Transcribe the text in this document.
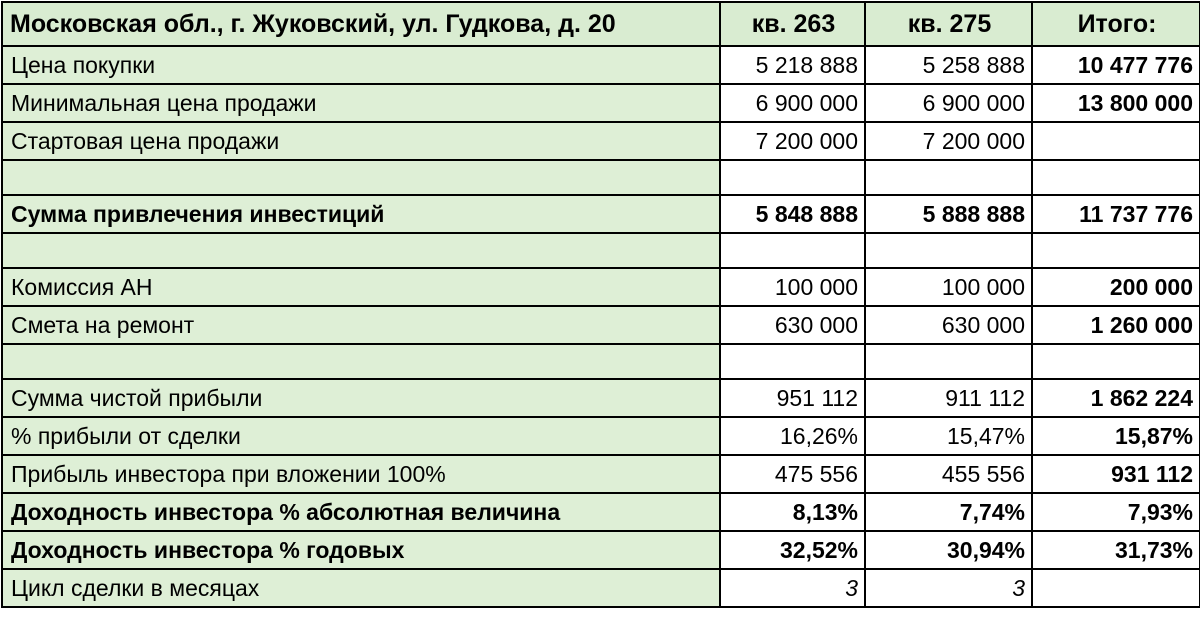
Московская обл., г. Жуковский, ул. Гудкова, д. 20	кв. 263	кв. 275	Итого:
Цена покупки	5 218 888	5 258 888	10 477 776
Минимальная цена продажи	6 900 000	6 900 000	13 800 000
Стартовая цена продажи	7 200 000	7 200 000	

Сумма привлечения инвестиций	5 848 888	5 888 888	11 737 776

Комиссия АН	100 000	100 000	200 000
Смета на ремонт	630 000	630 000	1 260 000

Сумма чистой прибыли	951 112	911 112	1 862 224
% прибыли от сделки	16,26%	15,47%	15,87%
Прибыль инвестора при вложении 100%	475 556	455 556	931 112
Доходность инвестора % абсолютная величина	8,13%	7,74%	7,93%
Доходность инвестора % годовых	32,52%	30,94%	31,73%
Цикл сделки в месяцах	3	3	
